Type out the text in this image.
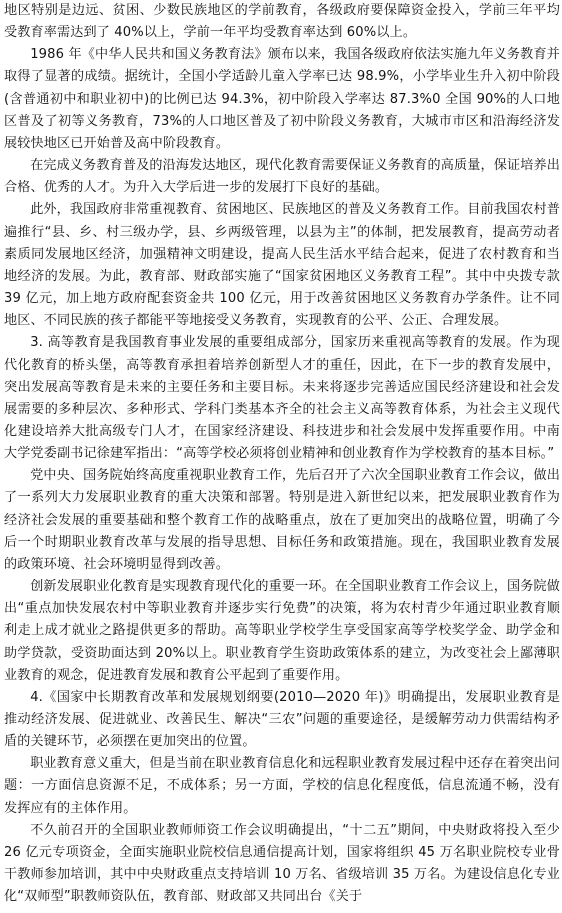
地区特别是边远、贫困、少数民族地区的学前教育，各级政府要保障资金投入，学前三年平均受教育率需达到了 40%以上，学前一年平均受教育率达到 60%以上。

1986 年《中华人民共和国义务教育法》颁布以来，我国各级政府依法实施九年义务教育并取得了显著的成绩。据统计，全国小学适龄儿童入学率已达 98.9%，小学毕业生升入初中阶段(含普通初中和职业初中)的比例已达 94.3%，初中阶段入学率达 87.3%0 全国 90%的人口地区普及了初等义务教育，73%的人口地区普及了初中阶段义务教育，大城市市区和沿海经济发展较快地区已开始普及高中阶段教育。

在完成义务教育普及的沿海发达地区，现代化教育需要保证义务教育的高质量，保证培养出合格、优秀的人才。为升入大学后进一步的发展打下良好的基础。

此外，我国政府非常重视教育、贫困地区、民族地区的普及义务教育工作。目前我国农村普遍推行“县、乡、村三级办学，县、乡两级管理，以县为主”的体制，把发展教育，提高劳动者素质同发展地区经济，加强精神文明建设，提高人民生活水平结合起来，促进了农村教育和当地经济的发展。为此，教育部、财政部实施了“国家贫困地区义务教育工程”。其中中央拨专款 39 亿元，加上地方政府配套资金共 100 亿元，用于改善贫困地区义务教育办学条件。让不同地区、不同民族的孩子都能平等地接受义务教育，实现教育的公平、公正、合理发展。

3. 高等教育是我国教育事业发展的重要组成部分，国家历来重视高等教育的发展。作为现代化教育的桥头堡，高等教育承担着培养创新型人才的重任，因此，在下一步的教育发展中，突出发展高等教育是未来的主要任务和主要目标。未来将逐步完善适应国民经济建设和社会发展需要的多种层次、多种形式、学科门类基本齐全的社会主义高等教育体系，为社会主义现代化建设培养大批高级专门人才，在国家经济建设、科技进步和社会发展中发挥重要作用。中南大学党委副书记徐建军指出：“高等学校必须将创业精神和创业教育作为学校教育的基本目标。”

党中央、国务院始终高度重视职业教育工作，先后召开了六次全国职业教育工作会议，做出了一系列大力发展职业教育的重大决策和部署。特别是进入新世纪以来，把发展职业教育作为经济社会发展的重要基础和整个教育工作的战略重点，放在了更加突出的战略位置，明确了今后一个时期职业教育改革与发展的指导思想、目标任务和政策措施。现在，我国职业教育发展的政策环境、社会环境明显得到改善。

创新发展职业化教育是实现教育现代化的重要一环。在全国职业教育工作会议上，国务院做出“重点加快发展农村中等职业教育并逐步实行免费”的决策，将为农村青少年通过职业教育顺利走上成才就业之路提供更多的帮助。高等职业学校学生享受国家高等学校奖学金、助学金和助学贷款，受资助面达到 20%以上。职业教育学生资助政策体系的建立，为改变社会上鄙薄职业教育的观念，促进教育发展和教育公平起到了重要作用。

4.《国家中长期教育改革和发展规划纲要(2010—2020 年)》明确提出，发展职业教育是推动经济发展、促进就业、改善民生、解决“三农”问题的重要途径，是缓解劳动力供需结构矛盾的关键环节，必须摆在更加突出的位置。

职业教育意义重大，但是当前在职业教育信息化和远程职业教育发展过程中还存在着突出问题：一方面信息资源不足，不成体系；另一方面，学校的信息化程度低，信息流通不畅，没有发挥应有的主体作用。

不久前召开的全国职业教师师资工作会议明确提出，“十二五”期间，中央财政将投入至少 26 亿元专项资金，全面实施职业院校信息通信提高计划，国家将组织 45 万名职业院校专业骨干教师参加培训，其中中央财政重点支持培训 10 万名、省级培训 35 万名。为建设信息化专业化“双师型”职教师资队伍，教育部、财政部又共同出台《关于
